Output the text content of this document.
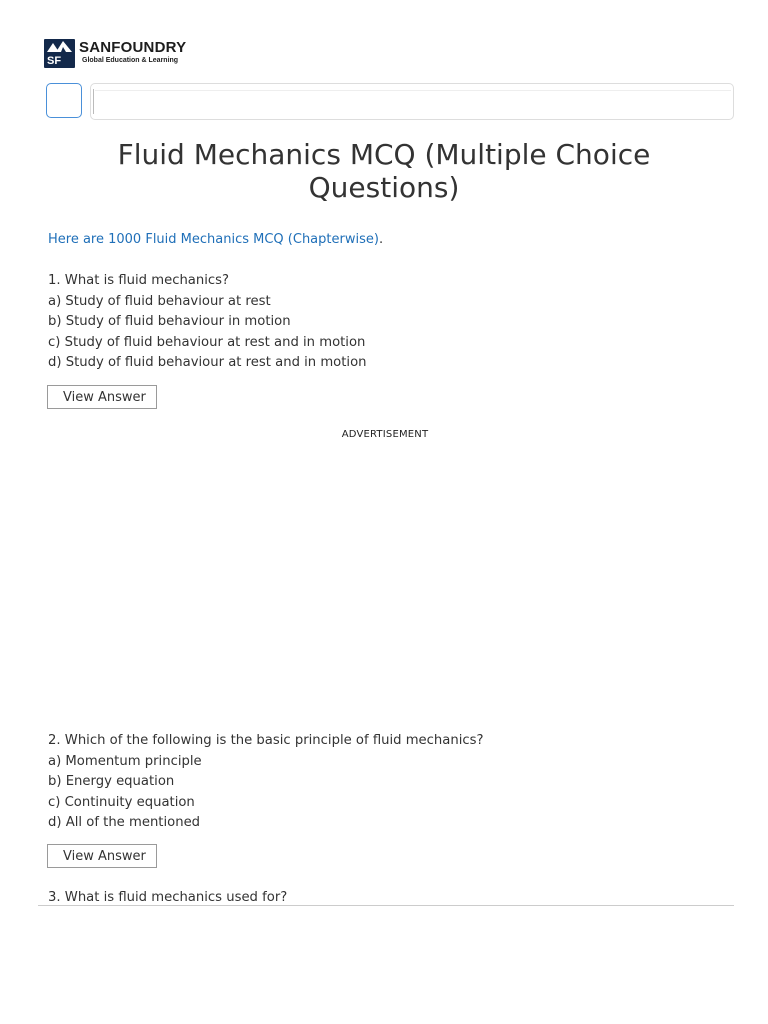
SF
SANFOUNDRY
Global Education & Learning
Fluid Mechanics MCQ (Multiple Choice Questions)
Here are 1000 Fluid Mechanics MCQ (Chapterwise).
1. What is fluid mechanics?
a) Study of fluid behaviour at rest
b) Study of fluid behaviour in motion
c) Study of fluid behaviour at rest and in motion
d) Study of fluid behaviour at rest and in motion
View Answer
ADVERTISEMENT
2. Which of the following is the basic principle of fluid mechanics?
a) Momentum principle
b) Energy equation
c) Continuity equation
d) All of the mentioned
View Answer
3. What is fluid mechanics used for?
